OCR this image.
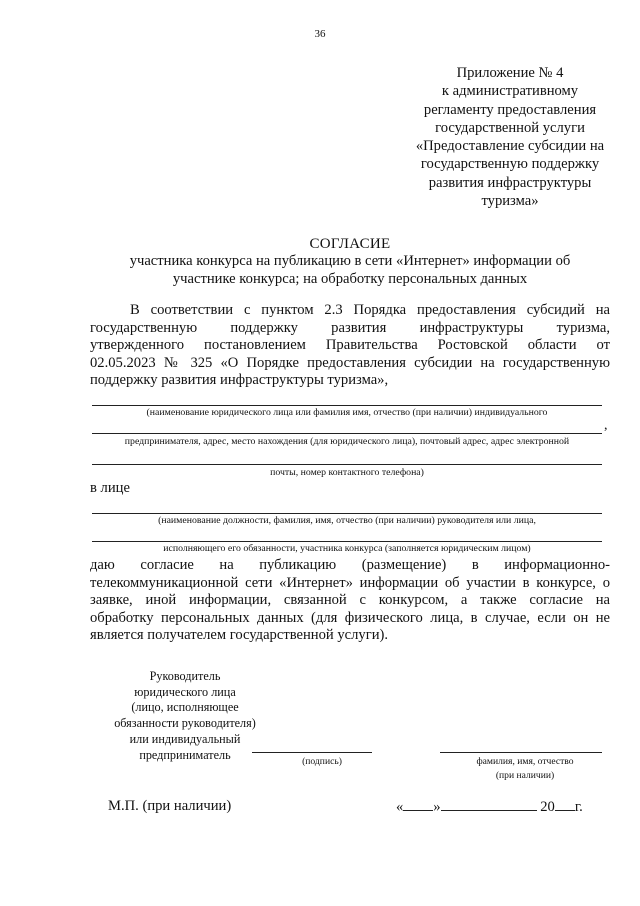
36
Приложение № 4
к административному
регламенту предоставления
государственной услуги
«Предоставление субсидии на
государственную поддержку
развития инфраструктуры
туризма»
СОГЛАСИЕ
участника конкурса на публикацию в сети «Интернет» информации об
участнике конкурса; на обработку персональных данных
В соответствии с пунктом 2.3 Порядка предоставления субсидий на
государственную поддержку развития инфраструктуры туризма,
утвержденного постановлением Правительства Ростовской области от
02.05.2023 № 325 «О Порядке предоставления субсидии на государственную
поддержку развития инфраструктуры туризма»,
(наименование юридического лица или фамилия имя, отчество (при наличии) индивидуального
,
предпринимателя, адрес, место нахождения (для юридического лица), почтовый адрес, адрес электронной
почты, номер контактного телефона)
в лице
(наименование должности, фамилия, имя, отчество (при наличии) руководителя или лица,
исполняющего его обязанности, участника конкурса (заполняется юридическим лицом)
даю согласие на публикацию (размещение) в информационно-
телекоммуникационной сети «Интернет» информации об участии в конкурсе, о
заявке, иной информации, связанной с конкурсом, а также согласие на
обработку персональных данных (для физического лица, в случае, если он не
является получателем государственной услуги).
Руководитель
юридического лица
(лицо, исполняющее
обязанности руководителя)
или индивидуальный
предприниматель	(подпись)	фамилия, имя, отчество
(при наличии)
М.П. (при наличии)	« »	20 г.
